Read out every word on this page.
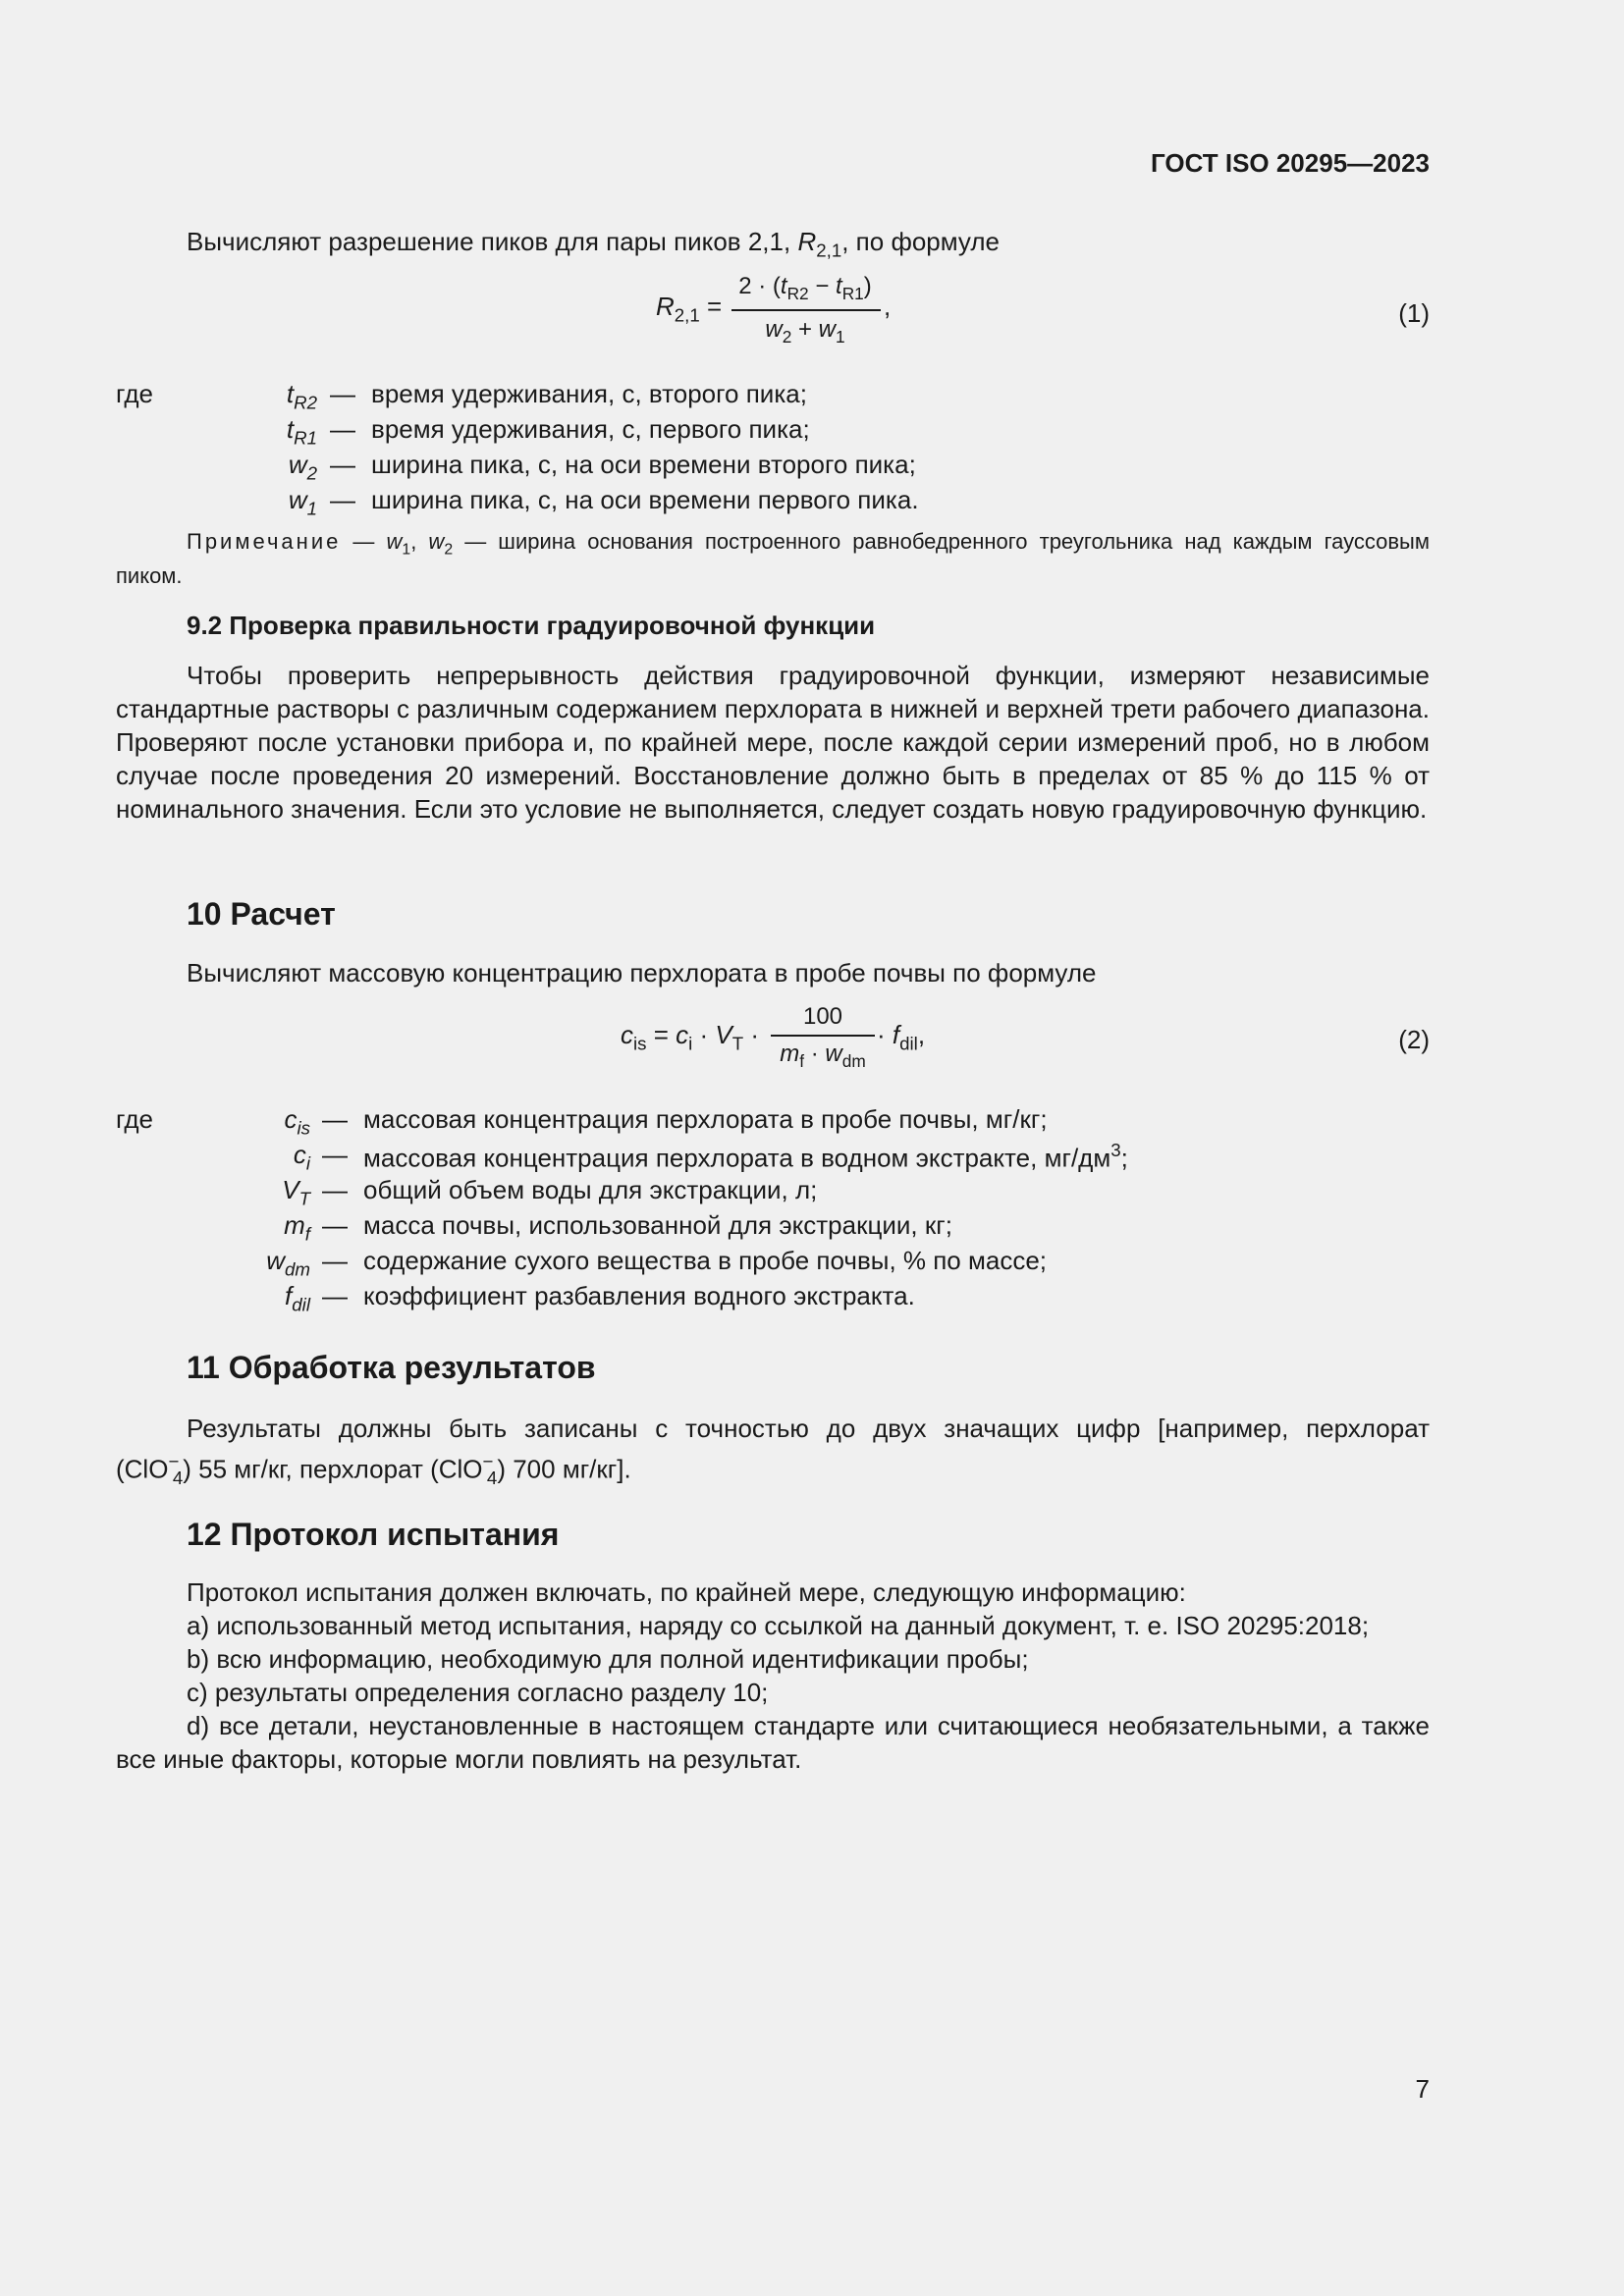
ГОСТ ISO 20295—2023
Вычисляют разрешение пиков для пары пиков 2,1, $R_{2,1}$, по формуле
$R_{2,1}$ =
$2 \cdot (t_{R2} - t_{R1})$
$w_2 + w_1$
,	(1)
где	$t_{R2}$ — время удерживания, с, второго пика;
$t_{R1}$ — время удерживания, с, первого пика;
$w_2$ — ширина пика, с, на оси времени второго пика;
$w_1$ — ширина пика, с, на оси времени первого пика.
Примечание — $w_1$, $w_2$ — ширина основания построенного равнобедренного треугольника над каждым гауссовым пиком.
9.2 Проверка правильности градуировочной функции
Чтобы проверить непрерывность действия градуировочной функции, измеряют независимые стандартные растворы с различным содержанием перхлората в нижней и верхней трети рабочего диапазона. Проверяют после установки прибора и, по крайней мере, после каждой серии измерений проб, но в любом случае после проведения 20 измерений. Восстановление должно быть в пределах от 85 % до 115 % от номинального значения. Если это условие не выполняется, следует создать новую градуировочную функцию.
10 Расчет
Вычисляют массовую концентрацию перхлората в пробе почвы по формуле
$c_{is} = c_i \cdot V_T$ ·
100
$m_f \cdot w_{dm}$
· $f_{dil}$,	(2)
где	$c_{is}$ — массовая концентрация перхлората в пробе почвы, мг/кг;
$c_i$ — массовая концентрация перхлората в водном экстракте, $мг/дм^3$;
$V_T$ — общий объем воды для экстракции, л;
$m_f$ — масса почвы, использованной для экстракции, кг;
$w_{dm}$ — содержание сухого вещества в пробе почвы, % по массе;
$f_{dil}$ — коэффициент разбавления водного экстракта.
11 Обработка результатов
Результаты должны быть записаны с точностью до двух значащих цифр [например, перхлорат
(ClO−$_4$) 55 мг/кг, перхлорат (ClO−$_4$) 700 мг/кг].
12 Протокол испытания
Протокол испытания должен включать, по крайней мере, следующую информацию:
a) использованный метод испытания, наряду со ссылкой на данный документ, т. е. ISO 20295:2018;
b) всю информацию, необходимую для полной идентификации пробы;
c) результаты определения согласно разделу 10;
d) все детали, неустановленные в настоящем стандарте или считающиеся необязательными, а также все иные факторы, которые могли повлиять на результат.
7
